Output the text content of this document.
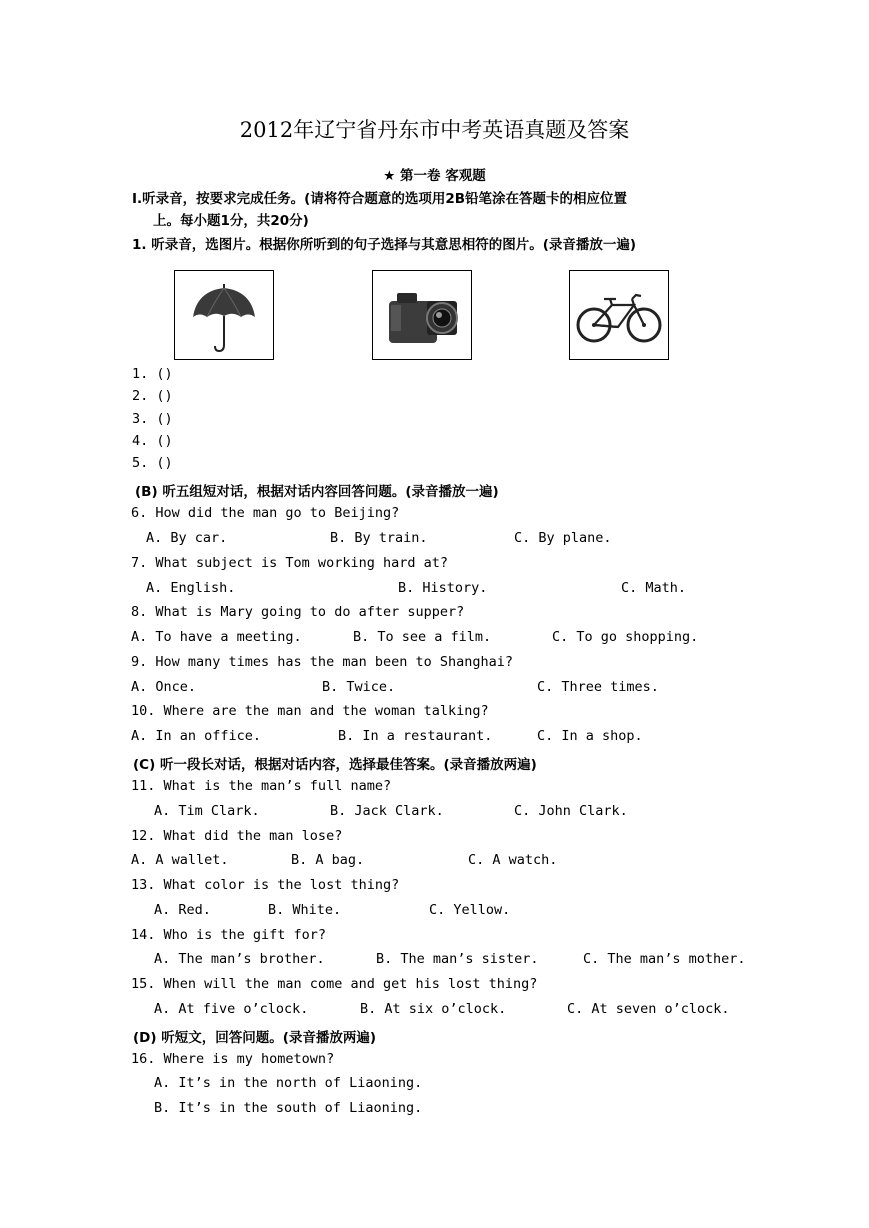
2012年辽宁省丹东市中考英语真题及答案
★ 第一卷 客观题
Ⅰ.听录音，按要求完成任务。(请将符合题意的选项用2B铅笔涂在答题卡的相应位置
上。每小题1分，共20分)
1. 听录音，选图片。根据你所听到的句子选择与其意思相符的图片。(录音播放一遍)
1. ()
2. ()
3. ()
4. ()
5. ()
(B) 听五组短对话，根据对话内容回答问题。(录音播放一遍)
6. How did the man go to Beijing?
A. By car.	B. By train.	C. By plane.
7. What subject is Tom working hard at?
A. English.	B. History.	C. Math.
8. What is Mary going to do after supper?
A. To have a meeting.	B. To see a film.	C. To go shopping.
9. How many times has the man been to Shanghai?
A. Once.	B. Twice.	C. Three times.
10. Where are the man and the woman talking?
A. In an office.	B. In a restaurant.	C. In a shop.
(C) 听一段长对话，根据对话内容，选择最佳答案。(录音播放两遍)
11. What is the man’s full name?
A. Tim Clark.	B. Jack Clark.	C. John Clark.
12. What did the man lose?
A. A wallet.	B. A bag.	C. A watch.
13. What color is the lost thing?
A. Red.	B. White.	C. Yellow.
14. Who is the gift for?
A. The man’s brother.	B. The man’s sister.	C. The man’s mother.
15. When will the man come and get his lost thing?
A. At five o’clock.	B. At six o’clock.	C. At seven o’clock.
(D) 听短文，回答问题。(录音播放两遍)
16. Where is my hometown?
A. It’s in the north of Liaoning.
B. It’s in the south of Liaoning.
